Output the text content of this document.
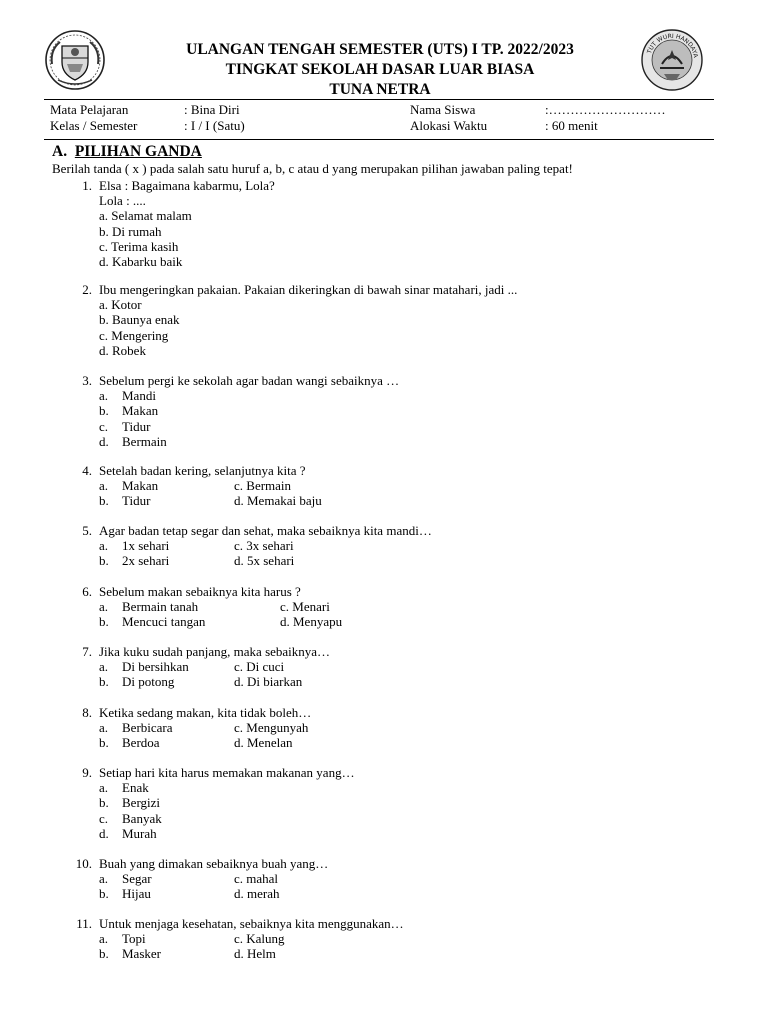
TUT WURI HANDAYA
ULANGAN TENGAH SEMESTER (UTS) I TP. 2022/2023
TINGKAT SEKOLAH DASAR LUAR BIASA
TUNA NETRA
Mata Pelajaran	: Bina Diri	Nama Siswa	:………………………
Kelas / Semester	: I / I (Satu)	Alokasi Waktu	: 60 menit
A. PILIHAN GANDA
Berilah tanda ( x ) pada salah satu huruf a, b, c atau d yang merupakan pilihan jawaban paling tepat!
1. Elsa : Bagaimana kabarmu, Lola?
Lola : ....
a. Selamat malam
b. Di rumah
c. Terima kasih
d. Kabarku baik
2. Ibu mengeringkan pakaian. Pakaian dikeringkan di bawah sinar matahari, jadi ...
a. Kotor
b. Baunya enak
c. Mengering
d. Robek
3. Sebelum pergi ke sekolah agar badan wangi sebaiknya …
a. Mandi
b. Makan
c. Tidur
d. Bermain
4. Setelah badan kering, selanjutnya kita ?
a. Makan	c. Bermain
b. Tidur	d. Memakai baju
5. Agar badan tetap segar dan sehat, maka sebaiknya kita mandi…
a. 1x sehari	c. 3x sehari
b. 2x sehari	d. 5x sehari
6. Sebelum makan sebaiknya kita harus ?
a. Bermain tanah	c. Menari
b. Mencuci tangan	d. Menyapu
7. Jika kuku sudah panjang, maka sebaiknya…
a. Di bersihkan	c. Di cuci
b. Di potong	d. Di biarkan
8. Ketika sedang makan, kita tidak boleh…
a. Berbicara	c. Mengunyah
b. Berdoa	d. Menelan
9. Setiap hari kita harus memakan makanan yang…
a. Enak
b. Bergizi
c. Banyak
d. Murah
10. Buah yang dimakan sebaiknya buah yang…
a. Segar	c. mahal
b. Hijau	d. merah
11. Untuk menjaga kesehatan, sebaiknya kita menggunakan…
a. Topi	c. Kalung
b. Masker	d. Helm
